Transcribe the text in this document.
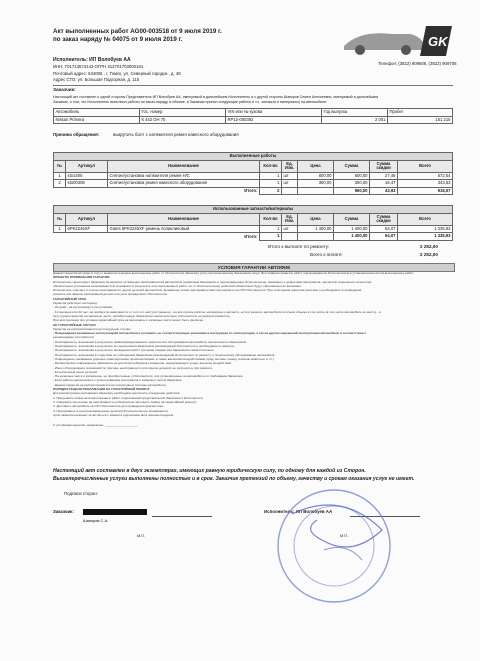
Акт выполненных работ АG00-003518 от 9 июля 2019 г.
по заказ наряду № 04075 от 9 июля 2019 г.	GK
Телефон: (3822) 909606, (3822) 909706
Исполнитель: ИП Волобуев АА
ИНН: 701713574143 ОГРН 312701703000161
Почтовый адрес: 634006 , г. Томск, ул. Северный городок , д. 48
Адрес СТО: ул. Большая Подгорная, д. 115
Заказчик:
Настоящий акт составлен о одной стороны Представитель ИП Волобуев АА, именуемый в дальнейшем Исполнитель и с другой стороны Шанкров Семен Алексеевич, именуемый в дальнейшем
Заказчик, о том, что Исполнитель выполнил работы по заказ-наряду, в объеме, в Заказчик принял следующие работы и т.ч. запчасти и материалы) на автомобиле:
Автомобиль	Гос. номер	VIN или № кузова	Год выпуска	Пробег
Nissan Primera	К 442 ОН 70	RP12-000392	2 001	151 215
Причина обращения:	выкрутить болт с натяжителя ремня навесного оборудования
Выполненные работы								
№	Артикул	Наименование	Кол-во	Ед. Изм.	Цена	Сумма	Сумма скидки	Всего
1	sto1405	Снятие/установка натяжителя ремня Н/С	1	шт	600,00	600,00	27,46	572,54
2	sto00308	Снятие/установка ремня навесного оборудования	1	шт	360,00	360,00	16,47	343,53
Итого:			2			960,00	43,93	916,07
Использованные запчасти/материалы								
№	Артикул	Наименование	Кол-во	Ед. Изм.	Цена	Сумма	Сумма скидки	Всего
1	6PK2245XF	Gates 6PK2245XF ремень поликлиновый	1	шт	1 400,00	1 400,00	64,07	1 335,93
Итого:			1			1 400,00	64,07	1 335,93
Итого к выплате по ремонту:	2 252,00
Всего к оплате:	2 252,00
УСЛОВИЯ ГАРАНТИИ АВТОФИК
Данная гарантия вступает в силу с момента передачи выполненных работ от Исполнителя Заказчику (или уполномоченному Заказчиком лицу). Все правила гарантии работ подтверждаются Исполнителем в установленном Актом выполненных работ.
ОБЪЕКТЫ ПРИМЕНЕНИЯ ГАРАНТИИ.
Исполнитель гарантирует Заказчику безопасное устранение неисправностей автомобиля сервисным Заказчиком и подтвержденных Исполнителем, связанных с дефектами материалов, запчастей, нарушения технологии
обязательных устранение неисправностей, возникших в результате этих выполненных работ, ее от исполнительных действий обязательно будут приниматься во внимание.
Исполнитель отвечает в случае неисправности других деталей автомобиля, вызванные этими неисправностями при ремонте на СТО Исполнителя. При этом время принятия решения о необходимости проведения
ремонта или замены неисправной детали или узла принадлежит Исполнителю.
ГАРАНТИЙНЫЙ СРОК
Гарантия действует на период:
- 20 дней - на регулировку и регулировки;
- 12 месяцев или 20 тыс. км пробега (в зависимости от того что наступит раньше) - на все прочие работы, материалы и запчасти, если в ремонте автомобиля в полном объеме в том числе (в том числе автомобиль по месту) - в
силу (сроки гарантии на запасные части, приобретенные Заказчиком самостоятельно, Исполнитель не распространяется).
При эксплуатации при условии гарантийный срок на материалы и запасные части может быть увеличен.
НЕ ГАРАНТИЙНЫЕ СЛУЧАИ
Гарантия не распространяется на следующие случаи:
- Повреждения вызванные эксплуатацией автомобиля в условиях, не соответствующих указаниям в инструкции по эксплуатации, а так же других нарушений эксплуатации автомобиля в соответствии с
рекомендации изготовителя.
- Неисправность, возникшая в результате неквалифицированного ремонта или обслуживания автомобиля, выполненного Заказчиком.
- Неисправность, возникшая в результате его выполнения Заказчиком рекомендаций Исполнителя о необходимости ремонта.
- Неисправность, возникшая в результате проведения работ третьими лицами или Заказчиком самостоятельно.
- Неисправность, возникшая в следствие не соблюдения Заказчиком рекомендаций Исполнителя по ремонту и техническому обслуживанию автомобиля.
- Повреждения, вызванные дорожно-транспортными происшествиями, а также внешними воздействиями (град, молнии, пожар, влияние животных и т.п.)
- Механические повреждения, явившиеся результатом небрежного вождения, ненадлежащего ухода, внешних воздействий.
- Износ оборудования, возникший по причине неисправности или износа деталей, не затронутых при ремонте.
- Естественный износ деталей.
- На запасные части и материалы, не приобретенные у Исполнителя, или установленные на автомобиль по требованию Заказчика
- Если работы выполнялись с использованием материалов и запасных частей Заказчика.
- Данная гарантия не распространяется на электронные системы автомобиля.
ПОРЯДОК ПОДАЧИ РЕКЛАМАЦИИ НА ГАРАНТИЙНЫЙ РЕМОНТ
Для рассмотрения рекламации Заказчику необходимо выполнить следующие действия:
1. Предъявить копию акта выполненных работ, подписанный представителем Заказчика и Исполнителя.
2. Оформить претензию на неисправность (обязательно заполнить заявку на гарантийный ремонт).
3. Доставить автомобиль на СТО Исполнителя для проведения диагностики.
4. Неисправность (или рекламируемые детали) Исполнителем не принимаются.
Срок гарантии начинает исчисляться с момента подписания акта приема-передачи.
С условиями гарантии ознакомлен: ___________________
Настоящий акт составлен в двух экземплярах, имеющих равную юридическую силу, по одному для каждой из Сторон.
Вышеперечисленные услуги выполнены полностью и в срок. Заказчик претензий по объему, качеству и срокам оказания услуг не имеет.
Подписи сторон:
Заказчик:
Шанкров С.А.
Исполнитель: ИП Волобуев АА
М.П.	М.П.
